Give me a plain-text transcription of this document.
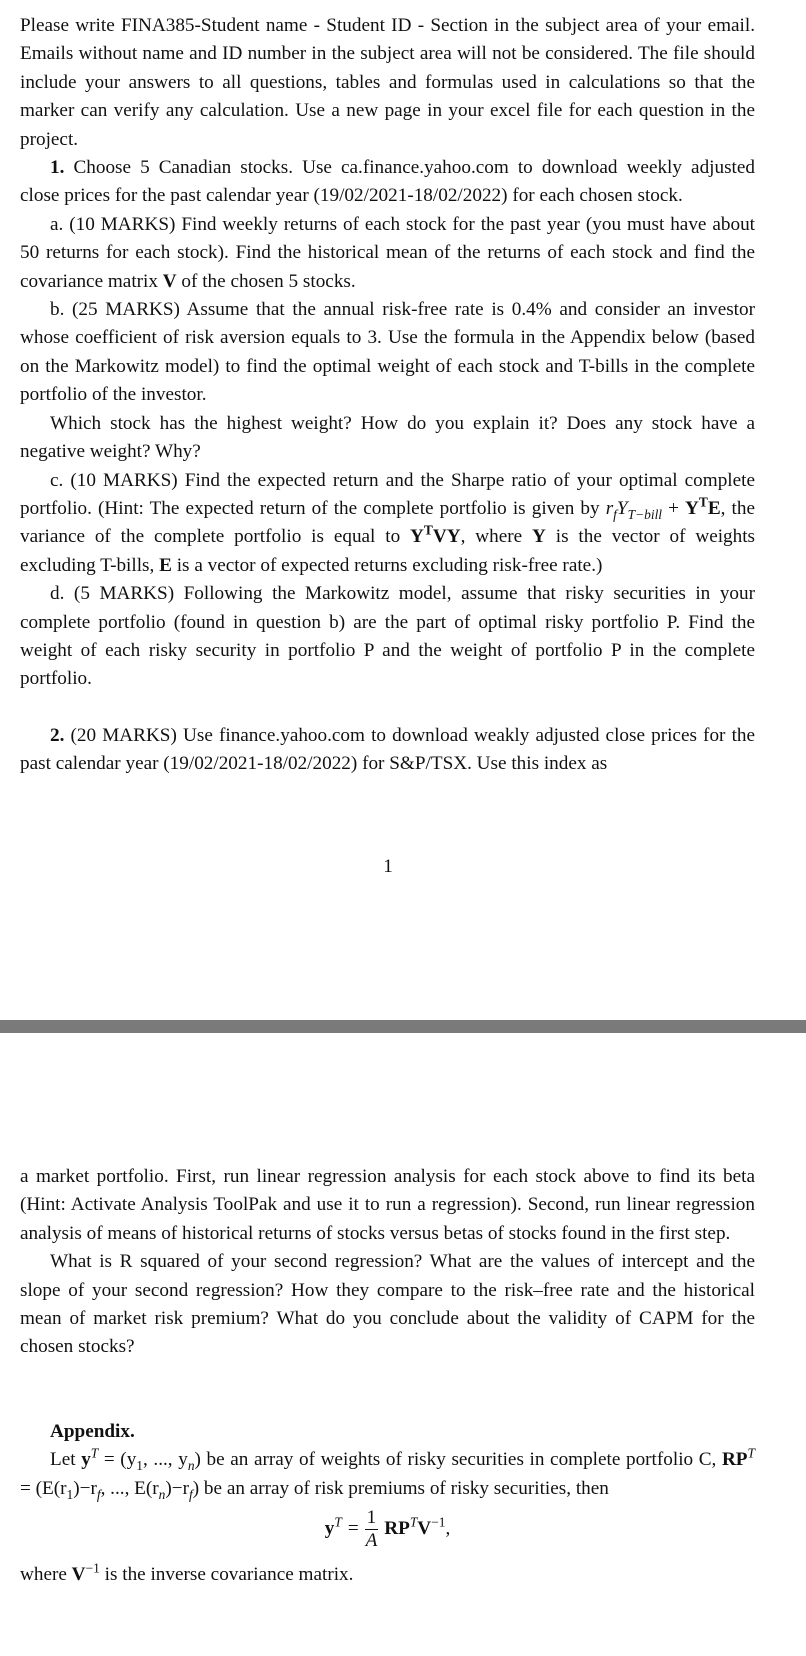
Please write FINA385-Student name - Student ID - Section in the subject area of your email. Emails without name and ID number in the subject area will not be considered. The file should include your answers to all questions, tables and formulas used in calculations so that the marker can verify any calculation. Use a new page in your excel file for each question in the project.

1. Choose 5 Canadian stocks. Use ca.finance.yahoo.com to download weekly adjusted close prices for the past calendar year (19/02/2021-18/02/2022) for each chosen stock.

a. (10 MARKS) Find weekly returns of each stock for the past year (you must have about 50 returns for each stock). Find the historical mean of the returns of each stock and find the covariance matrix V of the chosen 5 stocks.

b. (25 MARKS) Assume that the annual risk-free rate is 0.4% and consider an investor whose coefficient of risk aversion equals to 3. Use the formula in the Appendix below (based on the Markowitz model) to find the optimal weight of each stock and T-bills in the complete portfolio of the investor.

Which stock has the highest weight? How do you explain it? Does any stock have a negative weight? Why?

c. (10 MARKS) Find the expected return and the Sharpe ratio of your optimal complete portfolio. (Hint: The expected return of the complete portfolio is given by $r_fY_{T-bill} + Y^TE$, the variance of the complete portfolio is equal to $Y^TVY$, where Y is the vector of weights excluding T-bills, E is a vector of expected returns excluding risk-free rate.)

d. (5 MARKS) Following the Markowitz model, assume that risky securities in your complete portfolio (found in question b) are the part of optimal risky portfolio P. Find the weight of each risky security in portfolio P and the weight of portfolio P in the complete portfolio.

2. (20 MARKS) Use finance.yahoo.com to download weakly adjusted close prices for the past calendar year (19/02/2021-18/02/2022) for S&P/TSX. Use this index as

1

a market portfolio. First, run linear regression analysis for each stock above to find its beta (Hint: Activate Analysis ToolPak and use it to run a regression). Second, run linear regression analysis of means of historical returns of stocks versus betas of stocks found in the first step.

What is R squared of your second regression? What are the values of intercept and the slope of your second regression? How they compare to the risk–free rate and the historical mean of market risk premium? What do you conclude about the validity of CAPM for the chosen stocks?

Appendix.

Let $y^T = (y_1$, ..., $y_n$) be an array of weights of risky securities in complete portfolio C, $RP^T = (E(r_1)-r_f$, ..., $E(r_n)-r_f$) be an array of risk premiums of risky securities, then

$y^T = \frac{1}{A} RP^TV^{-1}$,

where $V^{-1}$ is the inverse covariance matrix.
